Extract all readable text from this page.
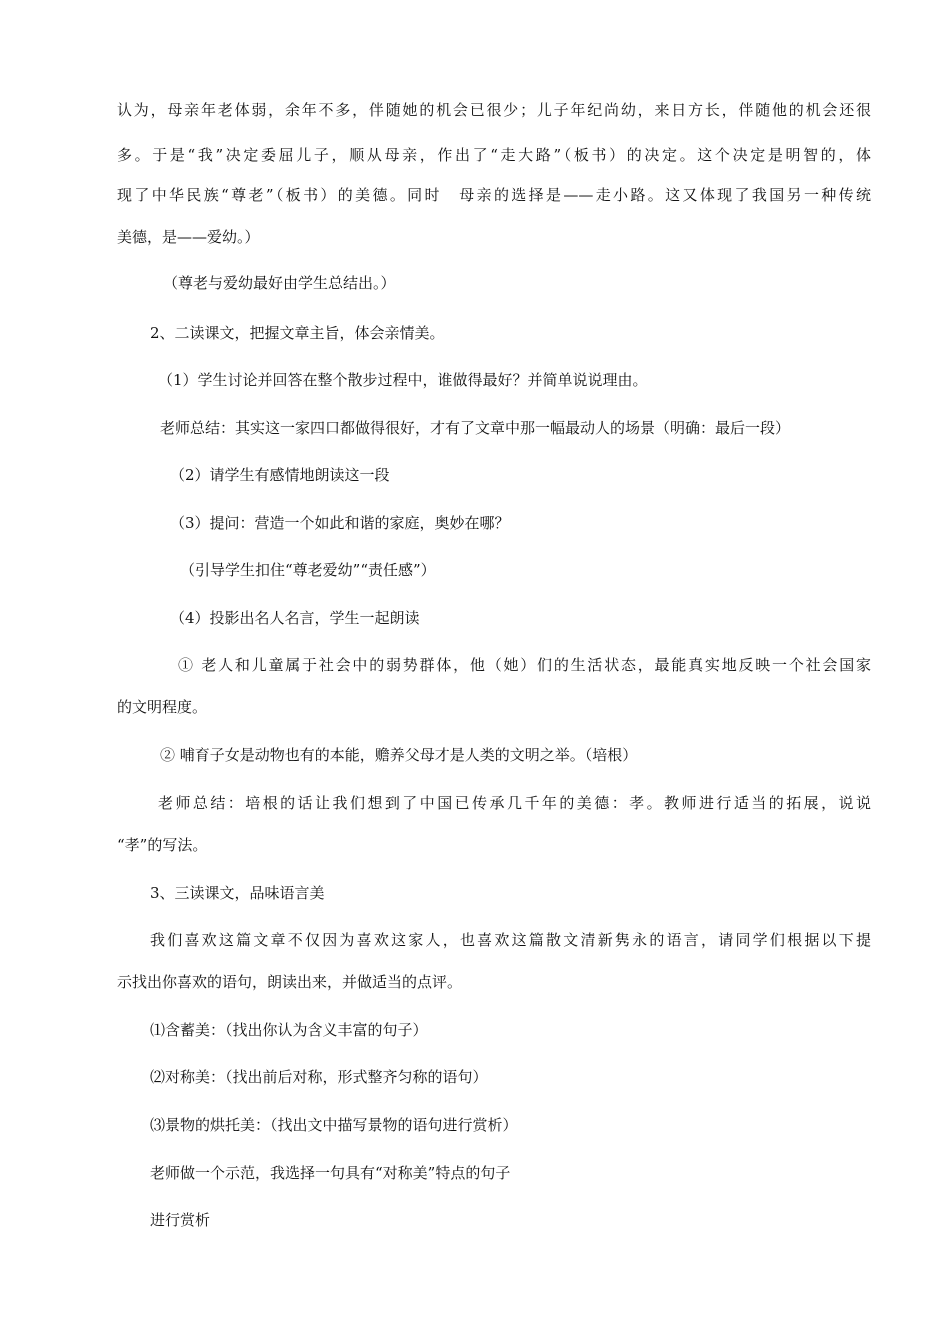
认为，母亲年老体弱，余年不多，伴随她的机会已很少；儿子年纪尚幼，来日方长，伴随他的机会还很
多。于是“我”决定委屈儿子，顺从母亲，作出了“走大路”（板书）的决定。这个决定是明智的，体
现了中华民族“尊老”（板书）的美德。同时　母亲的选择是——走小路。这又体现了我国另一种传统
美德，是——爱幼。）
（尊老与爱幼最好由学生总结出。）
2、二读课文，把握文章主旨，体会亲情美。
（1）学生讨论并回答在整个散步过程中，谁做得最好？并简单说说理由。
老师总结：其实这一家四口都做得很好，才有了文章中那一幅最动人的场景（明确：最后一段）
（2）请学生有感情地朗读这一段
（3）提问：营造一个如此和谐的家庭，奥妙在哪？
（引导学生扣住“尊老爱幼”“责任感”）
（4）投影出名人名言，学生一起朗读
① 老人和儿童属于社会中的弱势群体，他（她）们的生活状态，最能真实地反映一个社会国家
的文明程度。
② 哺育子女是动物也有的本能，赡养父母才是人类的文明之举。（培根）
老师总结：培根的话让我们想到了中国已传承几千年的美德：孝。教师进行适当的拓展，说说
“孝”的写法。
3、三读课文，品味语言美
我们喜欢这篇文章不仅因为喜欢这家人，也喜欢这篇散文清新隽永的语言，请同学们根据以下提
示找出你喜欢的语句，朗读出来，并做适当的点评。
⑴含蓄美：（找出你认为含义丰富的句子）
⑵对称美：（找出前后对称，形式整齐匀称的语句）
⑶景物的烘托美：（找出文中描写景物的语句进行赏析）
老师做一个示范，我选择一句具有“对称美”特点的句子
进行赏析
